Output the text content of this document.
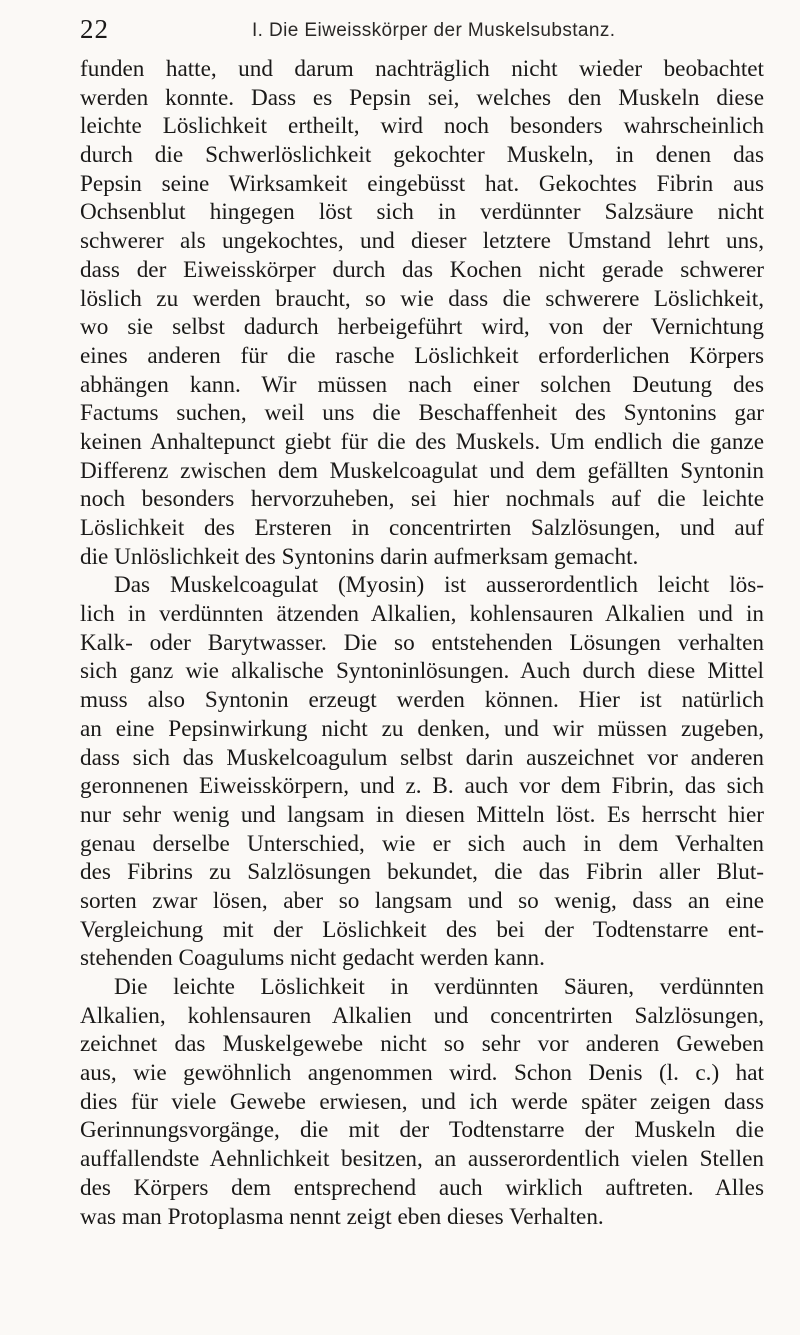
22	I. Die Eiweisskörper der Muskelsubstanz.
funden hatte, und darum nachträglich nicht wieder beobachtet
werden konnte. Dass es Pepsin sei, welches den Muskeln diese
leichte Löslichkeit ertheilt, wird noch besonders wahrscheinlich
durch die Schwerlöslichkeit gekochter Muskeln, in denen das
Pepsin seine Wirksamkeit eingebüsst hat. Gekochtes Fibrin aus
Ochsenblut hingegen löst sich in verdünnter Salzsäure nicht
schwerer als ungekochtes, und dieser letztere Umstand lehrt uns,
dass der Eiweisskörper durch das Kochen nicht gerade schwerer
löslich zu werden braucht, so wie dass die schwerere Löslichkeit,
wo sie selbst dadurch herbeigeführt wird, von der Vernichtung
eines anderen für die rasche Löslichkeit erforderlichen Körpers
abhängen kann. Wir müssen nach einer solchen Deutung des
Factums suchen, weil uns die Beschaffenheit des Syntonins gar
keinen Anhaltepunct giebt für die des Muskels. Um endlich die ganze
Differenz zwischen dem Muskelcoagulat und dem gefällten Syntonin
noch besonders hervorzuheben, sei hier nochmals auf die leichte
Löslichkeit des Ersteren in concentrirten Salzlösungen, und auf
die Unlöslichkeit des Syntonins darin aufmerksam gemacht.
Das Muskelcoagulat (Myosin) ist ausserordentlich leicht lös-
lich in verdünnten ätzenden Alkalien, kohlensauren Alkalien und in
Kalk- oder Barytwasser. Die so entstehenden Lösungen verhalten
sich ganz wie alkalische Syntoninlösungen. Auch durch diese Mittel
muss also Syntonin erzeugt werden können. Hier ist natürlich
an eine Pepsinwirkung nicht zu denken, und wir müssen zugeben,
dass sich das Muskelcoagulum selbst darin auszeichnet vor anderen
geronnenen Eiweisskörpern, und z. B. auch vor dem Fibrin, das sich
nur sehr wenig und langsam in diesen Mitteln löst. Es herrscht hier
genau derselbe Unterschied, wie er sich auch in dem Verhalten
des Fibrins zu Salzlösungen bekundet, die das Fibrin aller Blut-
sorten zwar lösen, aber so langsam und so wenig, dass an eine
Vergleichung mit der Löslichkeit des bei der Todtenstarre ent-
stehenden Coagulums nicht gedacht werden kann.
Die leichte Löslichkeit in verdünnten Säuren, verdünnten
Alkalien, kohlensauren Alkalien und concentrirten Salzlösungen,
zeichnet das Muskelgewebe nicht so sehr vor anderen Geweben
aus, wie gewöhnlich angenommen wird. Schon Denis (l. c.) hat
dies für viele Gewebe erwiesen, und ich werde später zeigen dass
Gerinnungsvorgänge, die mit der Todtenstarre der Muskeln die
auffallendste Aehnlichkeit besitzen, an ausserordentlich vielen Stellen
des Körpers dem entsprechend auch wirklich auftreten. Alles
was man Protoplasma nennt zeigt eben dieses Verhalten.
